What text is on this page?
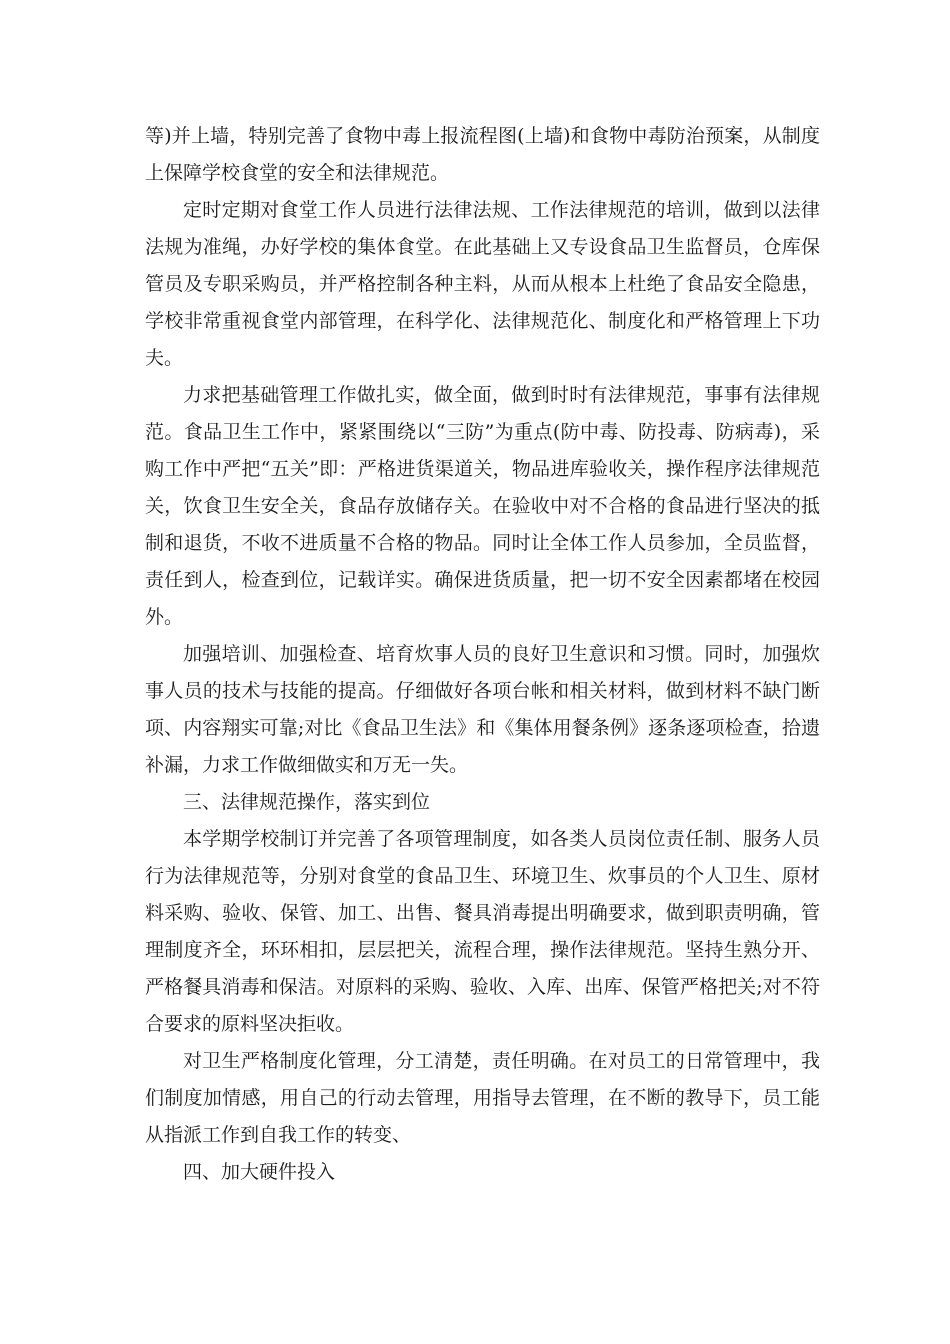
等)并上墙，特别完善了食物中毒上报流程图(上墙)和食物中毒防治预案，从制度上保障学校食堂的安全和法律规范。

定时定期对食堂工作人员进行法律法规、工作法律规范的培训，做到以法律法规为准绳，办好学校的集体食堂。在此基础上又专设食品卫生监督员，仓库保管员及专职采购员，并严格控制各种主料，从而从根本上杜绝了食品安全隐患，学校非常重视食堂内部管理，在科学化、法律规范化、制度化和严格管理上下功夫。

力求把基础管理工作做扎实，做全面，做到时时有法律规范，事事有法律规范。食品卫生工作中，紧紧围绕以“三防”为重点(防中毒、防投毒、防病毒)，采购工作中严把“五关”即：严格进货渠道关，物品进库验收关，操作程序法律规范关，饮食卫生安全关，食品存放储存关。在验收中对不合格的食品进行坚决的抵制和退货，不收不进质量不合格的物品。同时让全体工作人员参加，全员监督，责任到人，检查到位，记载详实。确保进货质量，把一切不安全因素都堵在校园外。

加强培训、加强检查、培育炊事人员的良好卫生意识和习惯。同时，加强炊事人员的技术与技能的提高。仔细做好各项台帐和相关材料，做到材料不缺门断项、内容翔实可靠;对比《食品卫生法》和《集体用餐条例》逐条逐项检查，拾遗补漏，力求工作做细做实和万无一失。

三、法律规范操作，落实到位

本学期学校制订并完善了各项管理制度，如各类人员岗位责任制、服务人员行为法律规范等，分别对食堂的食品卫生、环境卫生、炊事员的个人卫生、原材料采购、验收、保管、加工、出售、餐具消毒提出明确要求，做到职责明确，管理制度齐全，环环相扣，层层把关，流程合理，操作法律规范。坚持生熟分开、严格餐具消毒和保洁。对原料的采购、验收、入库、出库、保管严格把关;对不符合要求的原料坚决拒收。

对卫生严格制度化管理，分工清楚，责任明确。在对员工的日常管理中，我们制度加情感，用自己的行动去管理，用指导去管理，在不断的教导下，员工能从指派工作到自我工作的转变、

四、加大硬件投入
